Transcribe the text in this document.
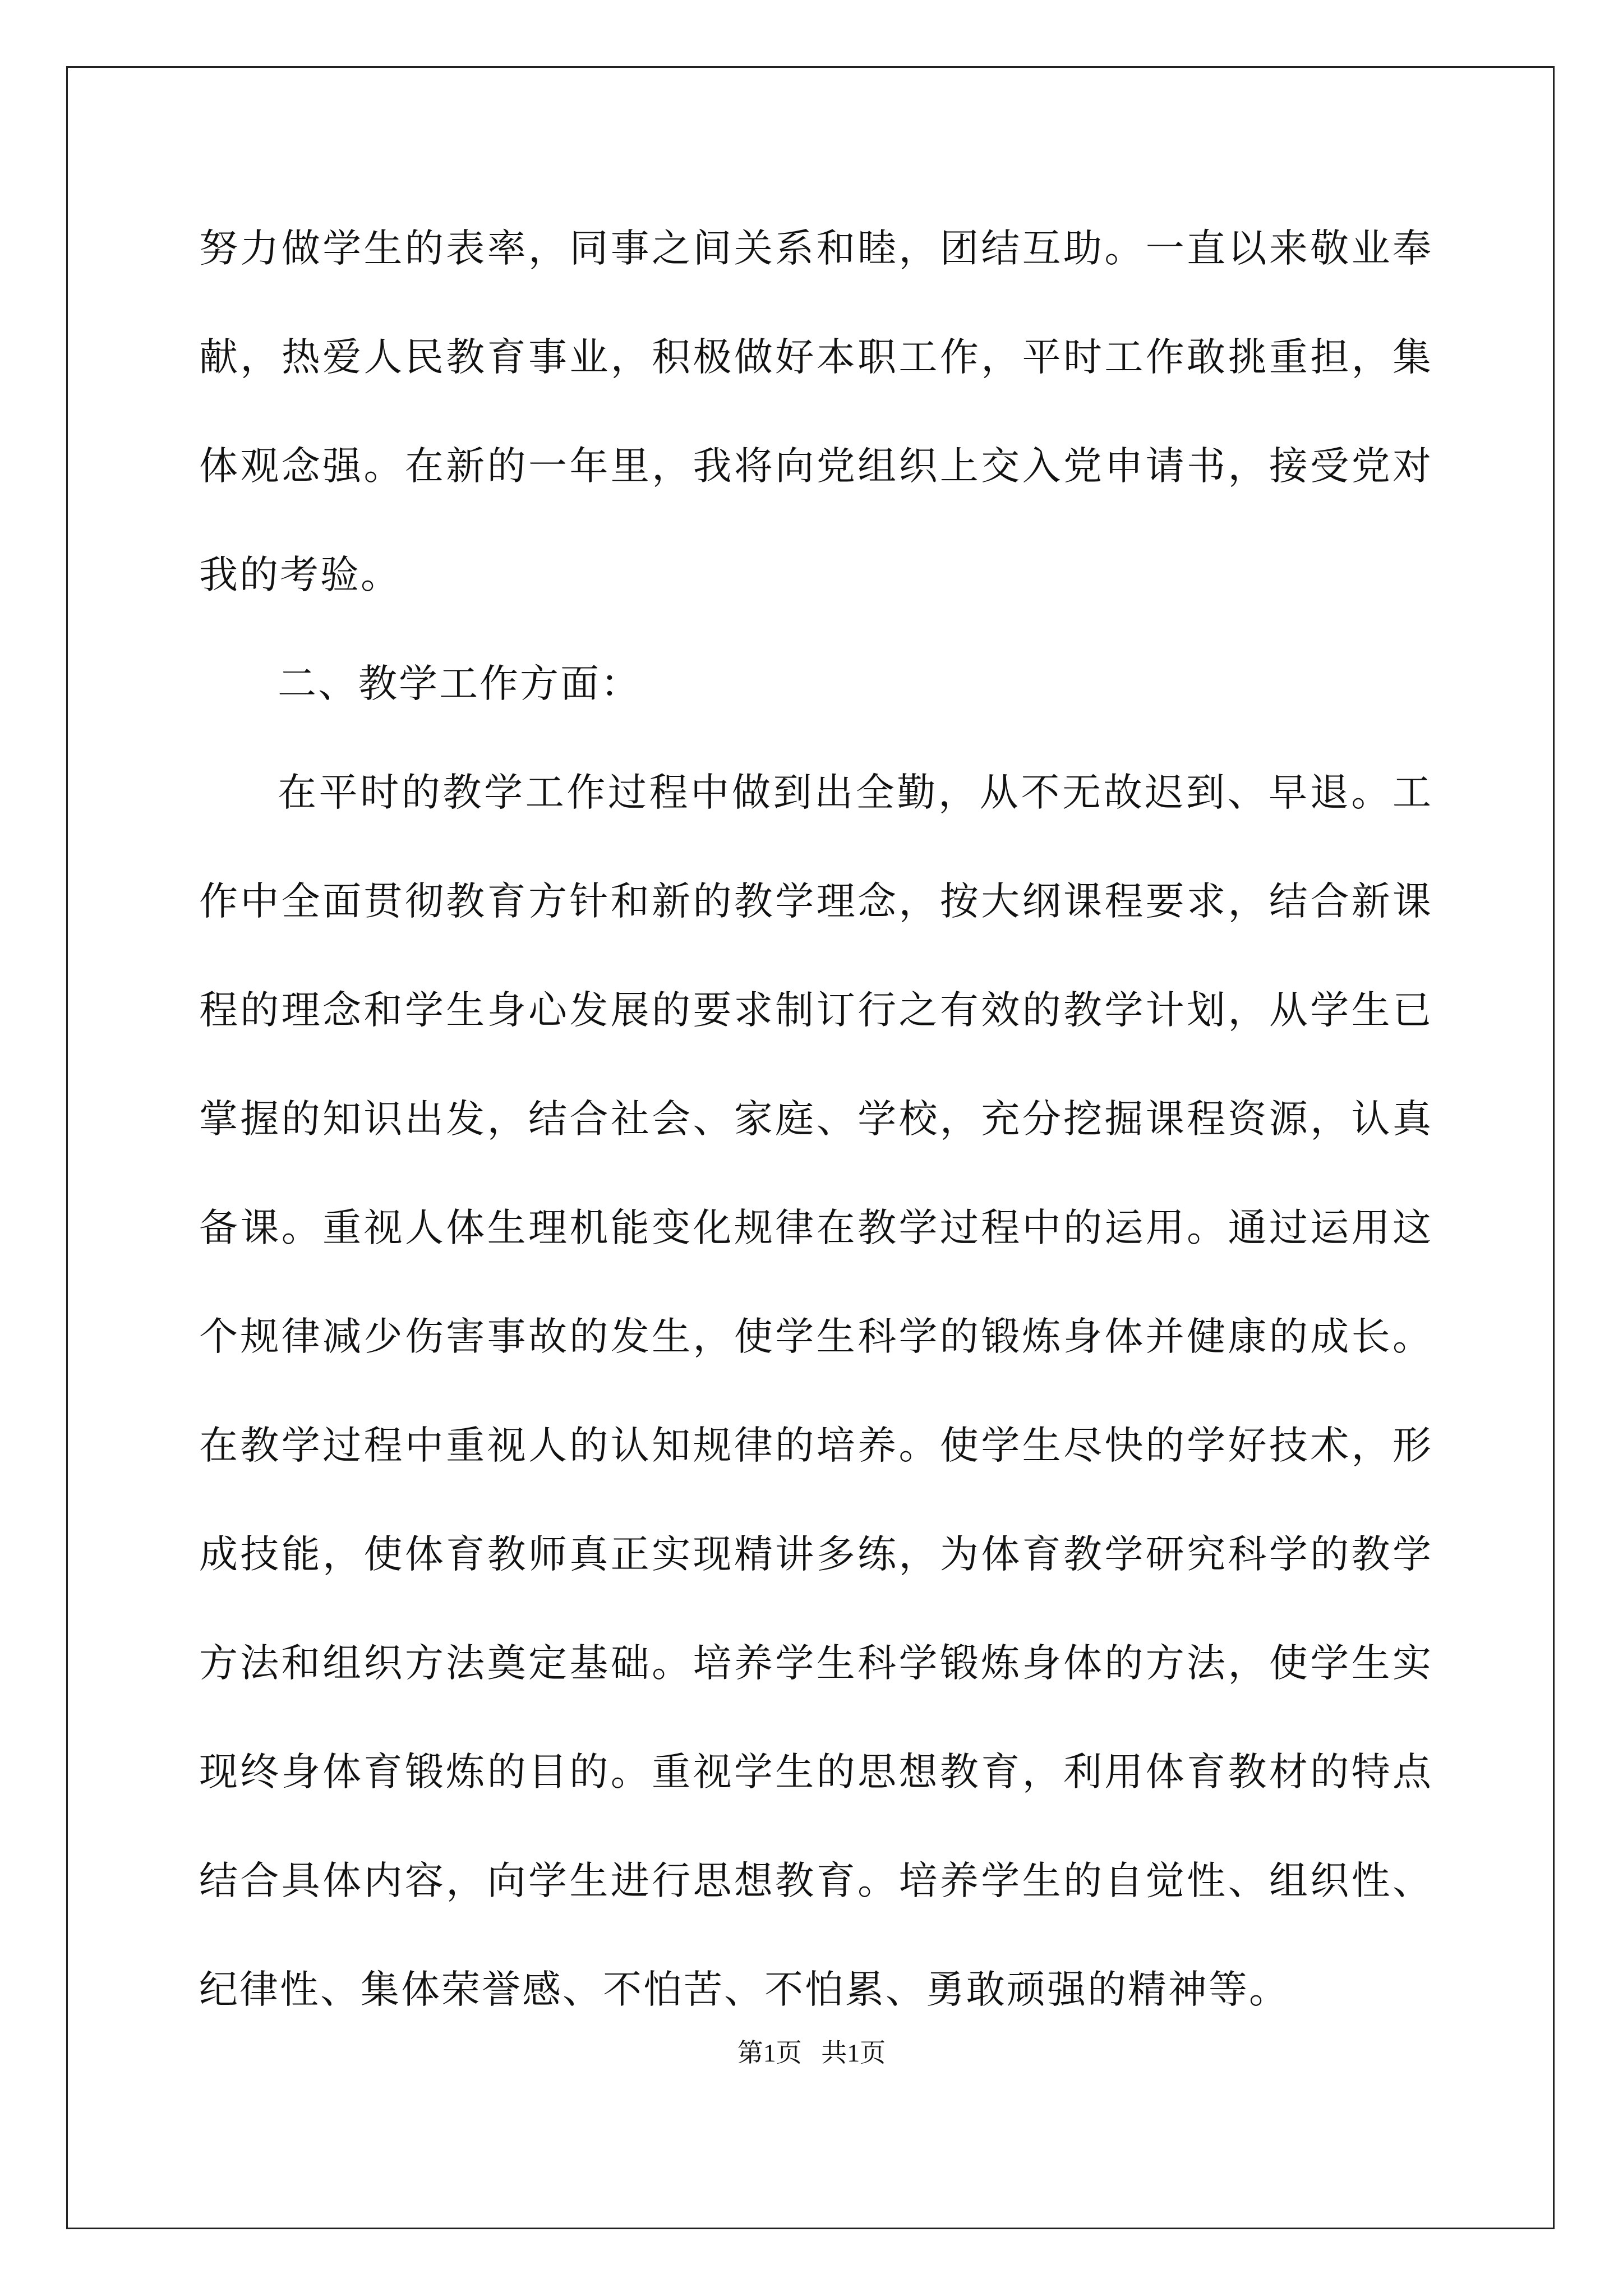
努力做学生的表率，同事之间关系和睦，团结互助。一直以来敬业奉
献，热爱人民教育事业，积极做好本职工作，平时工作敢挑重担，集
体观念强。在新的一年里，我将向党组织上交入党申请书，接受党对
我的考验。
二、教学工作方面：
在平时的教学工作过程中做到出全勤，从不无故迟到、早退。工
作中全面贯彻教育方针和新的教学理念，按大纲课程要求，结合新课
程的理念和学生身心发展的要求制订行之有效的教学计划，从学生已
掌握的知识出发，结合社会、家庭、学校，充分挖掘课程资源，认真
备课。重视人体生理机能变化规律在教学过程中的运用。通过运用这
个规律减少伤害事故的发生，使学生科学的锻炼身体并健康的成长。
在教学过程中重视人的认知规律的培养。使学生尽快的学好技术，形
成技能，使体育教师真正实现精讲多练，为体育教学研究科学的教学
方法和组织方法奠定基础。培养学生科学锻炼身体的方法，使学生实
现终身体育锻炼的目的。重视学生的思想教育，利用体育教材的特点
结合具体内容，向学生进行思想教育。培养学生的自觉性、组织性、
纪律性、集体荣誉感、不怕苦、不怕累、勇敢顽强的精神等。
第1页   共1页
